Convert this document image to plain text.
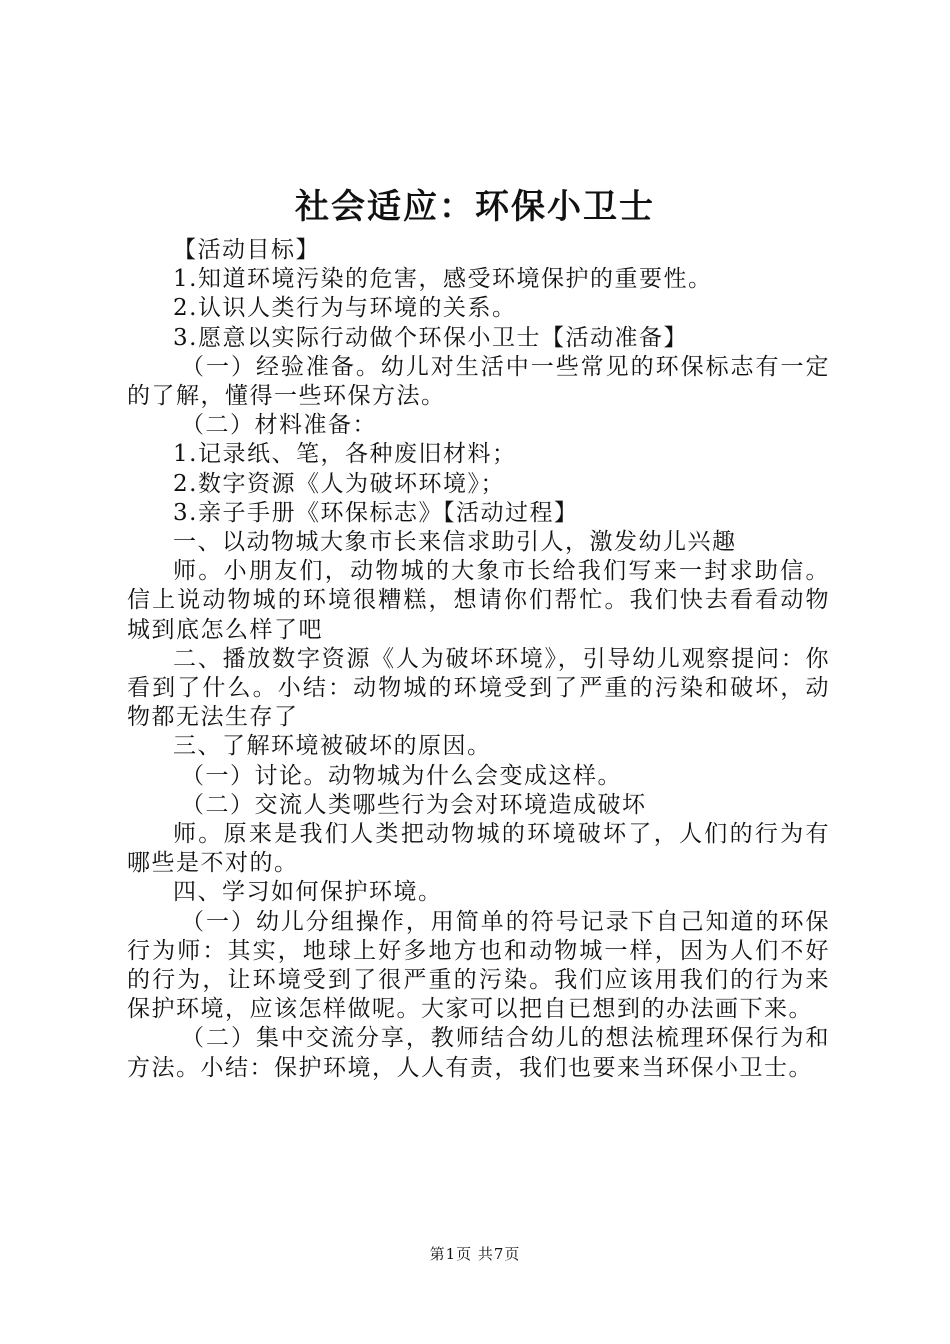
社会适应：环保小卫士

【活动目标】

1.知道环境污染的危害，感受环境保护的重要性。

2.认识人类行为与环境的关系。

3.愿意以实际行动做个环保小卫士【活动准备】

（一）经验准备。幼儿对生活中一些常见的环保标志有一定的了解，懂得一些环保方法。

（二）材料准备：

1.记录纸、笔，各种废旧材料；

2.数字资源《人为破坏环境》；

3.亲子手册《环保标志》【活动过程】

一、以动物城大象市长来信求助引人，激发幼儿兴趣

师。小朋友们，动物城的大象市长给我们写来一封求助信。信上说动物城的环境很糟糕，想请你们帮忙。我们快去看看动物城到底怎么样了吧

二、播放数字资源《人为破坏环境》，引导幼儿观察提问：你看到了什么。小结：动物城的环境受到了严重的污染和破坏，动物都无法生存了

三、了解环境被破坏的原因。

（一）讨论。动物城为什么会变成这样。

（二）交流人类哪些行为会对环境造成破坏

师。原来是我们人类把动物城的环境破坏了，人们的行为有哪些是不对的。

四、学习如何保护环境。

（一）幼儿分组操作，用简单的符号记录下自己知道的环保行为师：其实，地球上好多地方也和动物城一样，因为人们不好的行为，让环境受到了很严重的污染。我们应该用我们的行为来保护环境，应该怎样做呢。大家可以把自已想到的办法画下来。

（二）集中交流分享，教师结合幼儿的想法梳理环保行为和方法。小结：保护环境，人人有责，我们也要来当环保小卫士。

第1页 共7页
